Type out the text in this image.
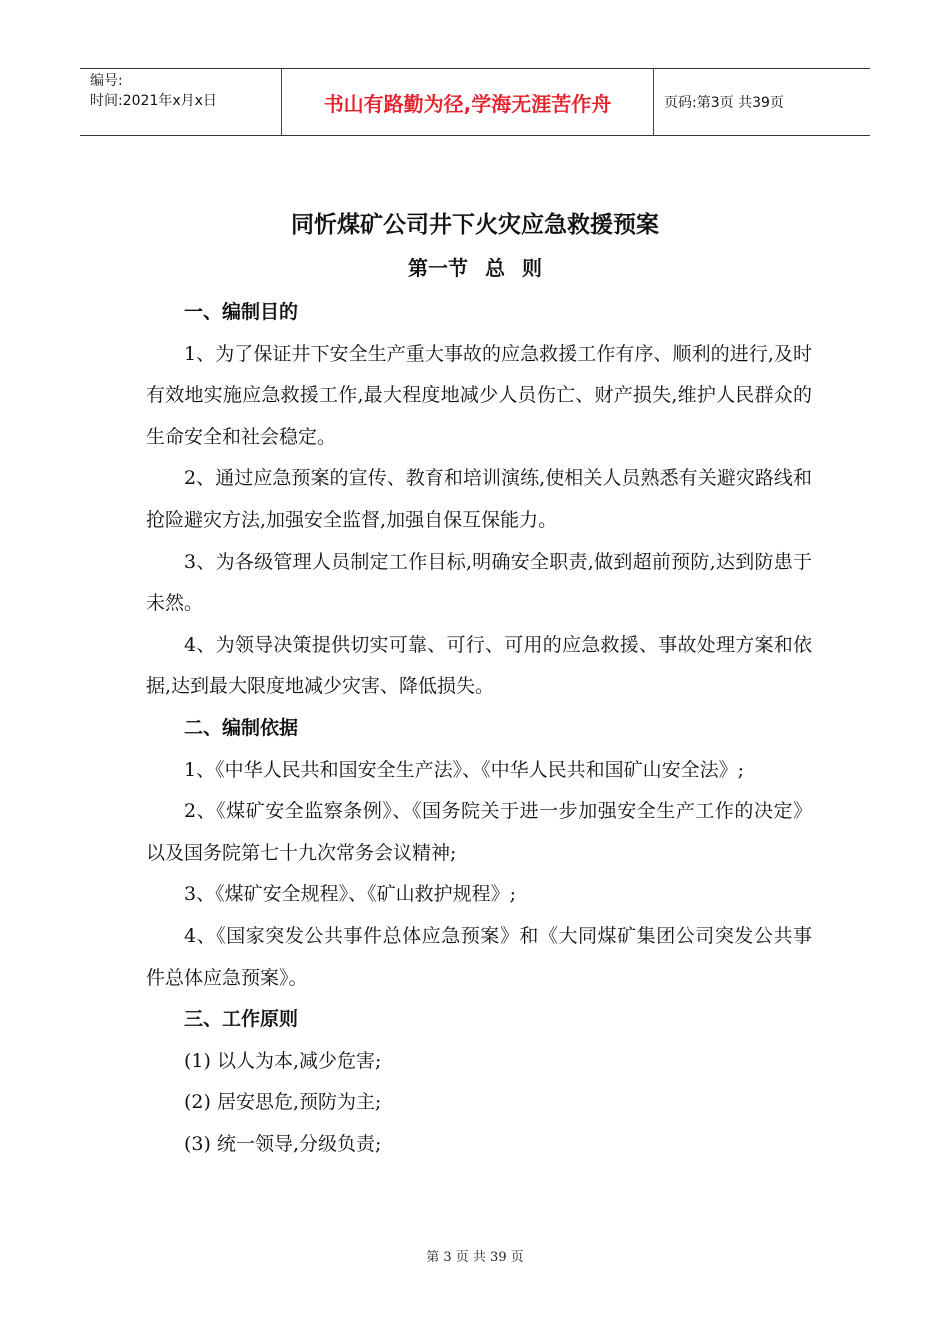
编号:
时间:2021年x月x日	书山有路勤为径,学海无涯苦作舟	页码:第3页 共39页
同忻煤矿公司井下火灾应急救援预案
第一节 总 则
一、编制目的

1、为了保证井下安全生产重大事故的应急救援工作有序、顺利的进行,及时有效地实施应急救援工作,最大程度地减少人员伤亡、财产损失,维护人民群众的生命安全和社会稳定。

2、通过应急预案的宣传、教育和培训演练,使相关人员熟悉有关避灾路线和抢险避灾方法,加强安全监督,加强自保互保能力。

3、为各级管理人员制定工作目标,明确安全职责,做到超前预防,达到防患于未然。

4、为领导决策提供切实可靠、可行、可用的应急救援、事故处理方案和依据,达到最大限度地减少灾害、降低损失。

二、编制依据

1、《中华人民共和国安全生产法》、《中华人民共和国矿山安全法》;

2、《煤矿安全监察条例》、《国务院关于进一步加强安全生产工作的决定》以及国务院第七十九次常务会议精神;

3、《煤矿安全规程》、《矿山救护规程》;

4、《国家突发公共事件总体应急预案》和《大同煤矿集团公司突发公共事件总体应急预案》。

三、工作原则

(1) 以人为本,减少危害;

(2) 居安思危,预防为主;

(3) 统一领导,分级负责;

第 3 页 共 39 页
